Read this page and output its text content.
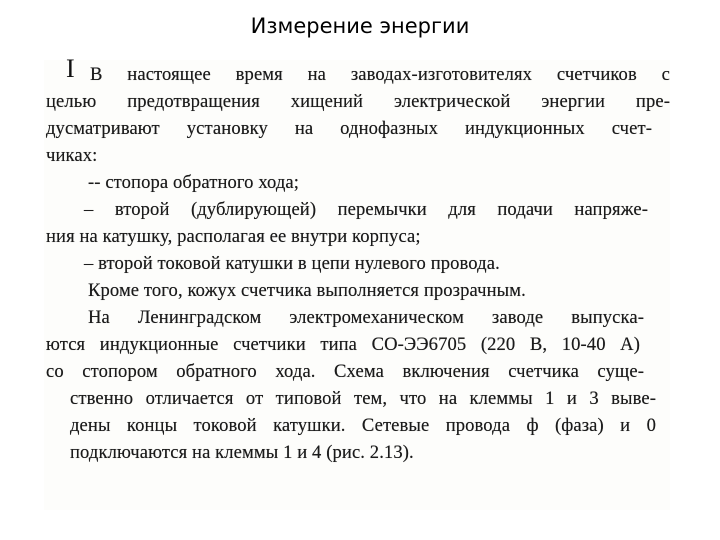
Измерение энергии
I В настоящее время на заводах-изготовителях счетчиков с
целью предотвращения хищений электрической энергии пре-
дусматривают установку на однофазных индукционных счет-
чиках:
-- стопора обратного хода;
– второй (дублирующей) перемычки для подачи напряже-
ния на катушку, располагая ее внутри корпуса;
– второй токовой катушки в цепи нулевого провода.
Кроме того, кожух счетчика выполняется прозрачным.
На Ленинградском электромеханическом заводе выпуска-
ются индукционные счетчики типа СО-ЭЭ6705 (220 В, 10-40 А)
со стопором обратного хода. Схема включения счетчика суще-
ственно отличается от типовой тем, что на клеммы 1 и 3 выве-
дены концы токовой катушки. Сетевые провода ф (фаза) и 0
подключаются на клеммы 1 и 4 (рис. 2.13).
